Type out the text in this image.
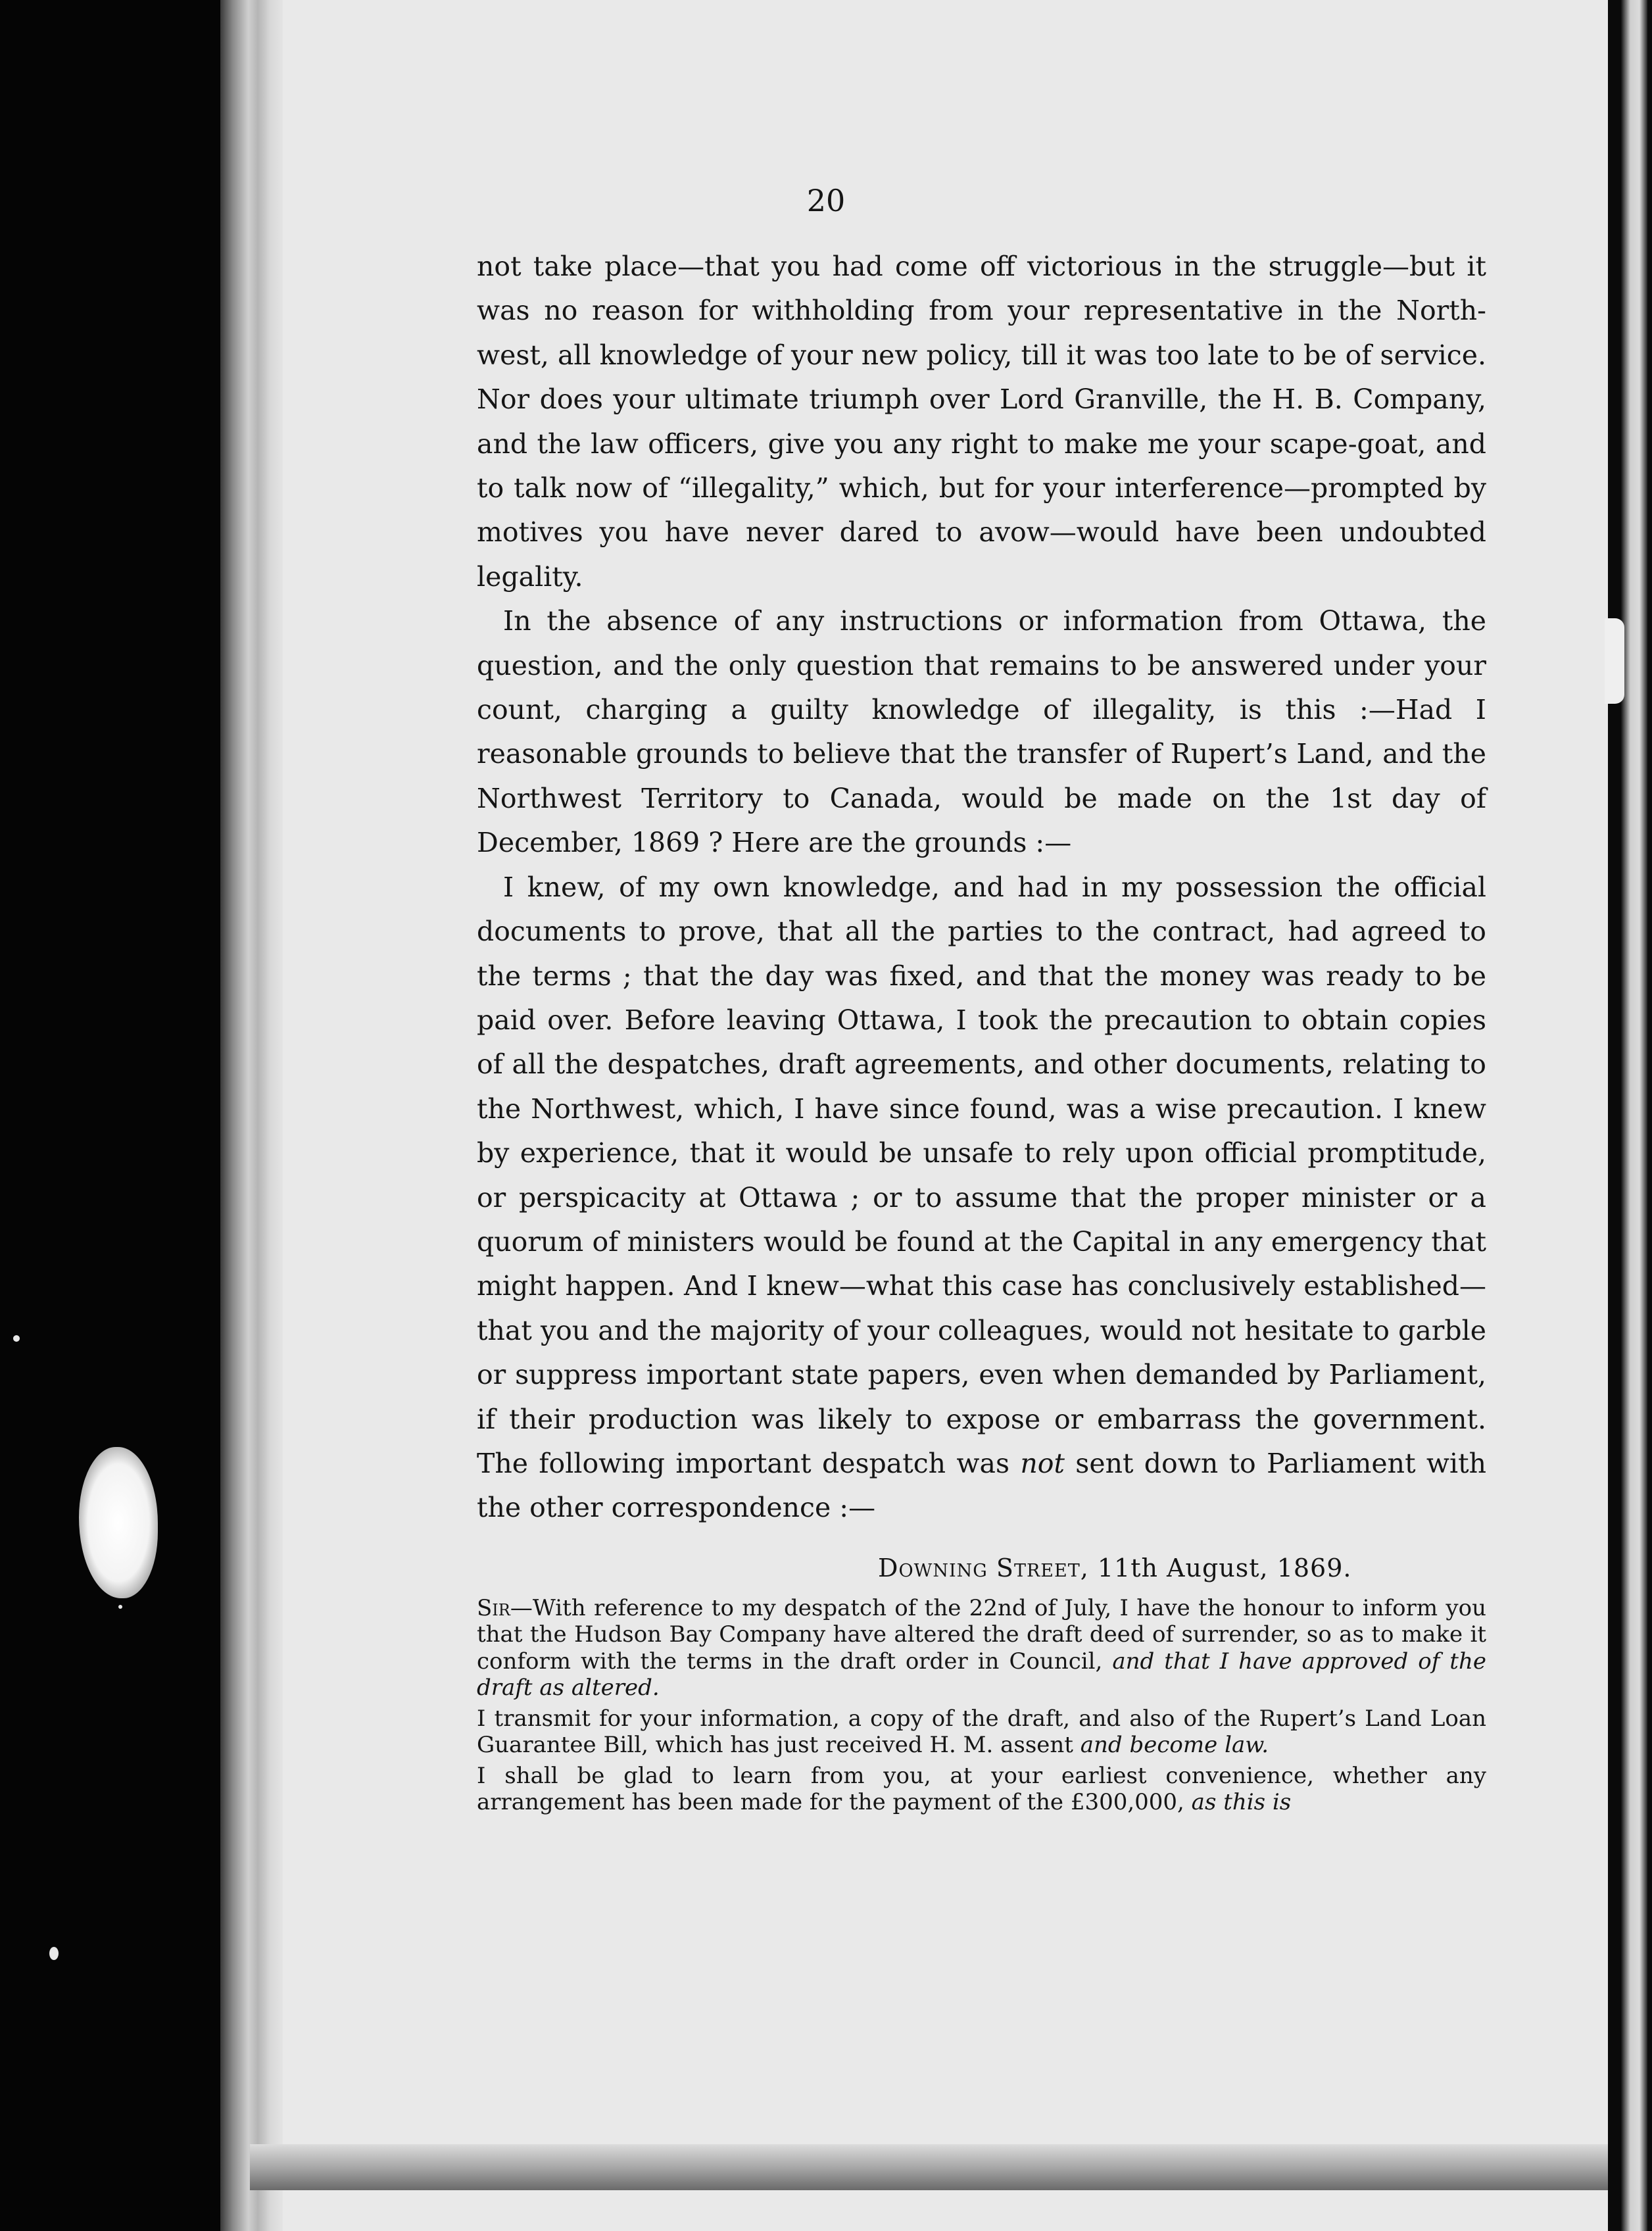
20

not take place—that you had come off victorious in the struggle—but it was no reason for withholding from your representative in the North-west, all knowledge of your new policy, till it was too late to be of service. Nor does your ultimate triumph over Lord Granville, the H. B. Company, and the law officers, give you any right to make me your scape-goat, and to talk now of “illegality,” which, but for your interference—prompted by motives you have never dared to avow—would have been undoubted legality.

In the absence of any instructions or information from Ottawa, the question, and the only question that remains to be answered under your count, charging a guilty knowledge of illegality, is this :—Had I reasonable grounds to believe that the transfer of Rupert’s Land, and the Northwest Territory to Canada, would be made on the 1st day of December, 1869 ? Here are the grounds :—

I knew, of my own knowledge, and had in my possession the official documents to prove, that all the parties to the contract, had agreed to the terms ; that the day was fixed, and that the money was ready to be paid over. Before leaving Ottawa, I took the precaution to obtain copies of all the despatches, draft agreements, and other documents, relating to the Northwest, which, I have since found, was a wise precaution. I knew by experience, that it would be unsafe to rely upon official promptitude, or perspicacity at Ottawa ; or to assume that the proper minister or a quorum of ministers would be found at the Capital in any emergency that might happen. And I knew—what this case has conclusively established—that you and the majority of your colleagues, would not hesitate to garble or suppress important state papers, even when demanded by Parliament, if their production was likely to expose or embarrass the government. The following important despatch was not sent down to Parliament with the other correspondence :—

Downing Street, 11th August, 1869.

Sir—With reference to my despatch of the 22nd of July, I have the honour to inform you that the Hudson Bay Company have altered the draft deed of surrender, so as to make it conform with the terms in the draft order in Council, and that I have approved of the draft as altered.

I transmit for your information, a copy of the draft, and also of the Rupert’s Land Loan Guarantee Bill, which has just received H. M. assent and become law.

I shall be glad to learn from you, at your earliest convenience, whether any arrangement has been made for the payment of the £300,000, as this is
